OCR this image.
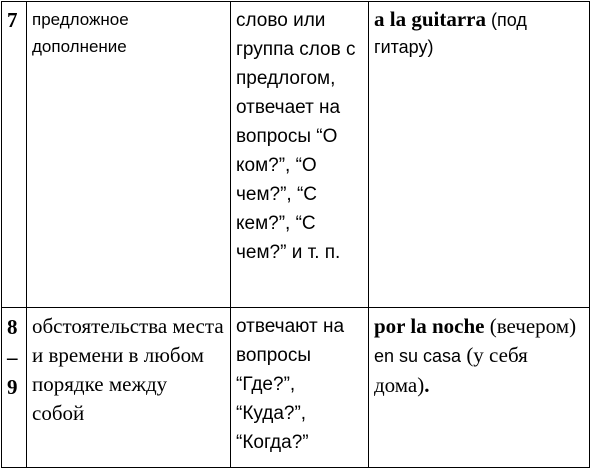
7	предложное дополнение	слово или группа слов с предлогом, отвечает на вопросы “О ком?”, “О чем?”, “С кем?”, “С чем?” и т. п.	a la guitarra (под гитару)

8
–
9	обстоятельства места и времени в любом порядке между собой	отвечают на вопросы “Где?”, “Куда?”, “Когда?”	por la noche (вечером) en su casa (у себя дома).
